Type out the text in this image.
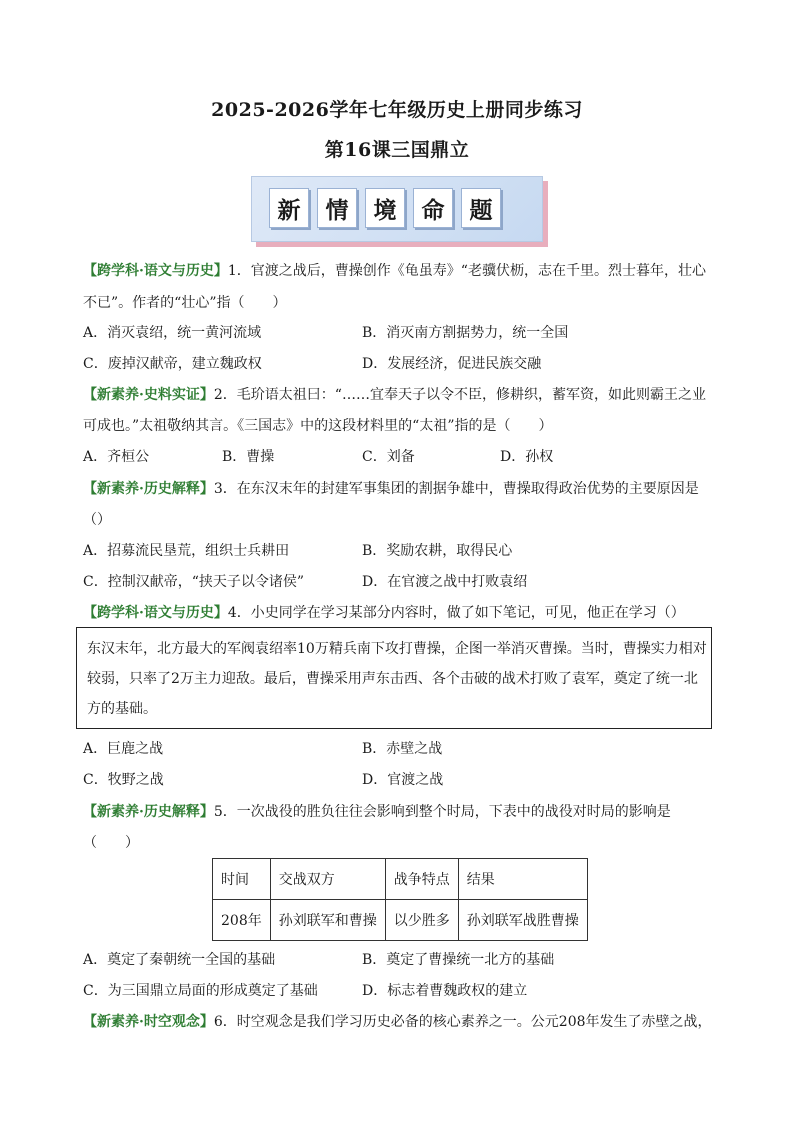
2025-2026学年七年级历史上册同步练习
第16课三国鼎立
新	情	境	命	题
【跨学科·语文与历史】1．官渡之战后，曹操创作《龟虽寿》“老骥伏枥，志在千里。烈士暮年，壮心
不已”。作者的“壮心”指（　　）
A．消灭袁绍，统一黄河流域	B．消灭南方割据势力，统一全国
C．废掉汉献帝，建立魏政权	D．发展经济，促进民族交融
【新素养·史料实证】2．毛玠语太祖曰：“……宜奉天子以令不臣，修耕织，蓄军资，如此则霸王之业
可成也。”太祖敬纳其言。《三国志》中的这段材料里的“太祖”指的是（　　）
A．齐桓公	B．曹操	C．刘备	D．孙权
【新素养·历史解释】3．在东汉末年的封建军事集团的割据争雄中，曹操取得政治优势的主要原因是
（）
A．招募流民垦荒，组织士兵耕田	B．奖励农耕，取得民心
C．控制汉献帝，“挟天子以令诸侯”	D．在官渡之战中打败袁绍
【跨学科·语文与历史】4．小史同学在学习某部分内容时，做了如下笔记，可见，他正在学习（）
东汉末年，北方最大的军阀袁绍率10万精兵南下攻打曹操，企图一举消灭曹操。当时，曹操实力相对
较弱，只率了2万主力迎敌。最后，曹操采用声东击西、各个击破的战术打败了袁军，奠定了统一北
方的基础。
A．巨鹿之战	B．赤壁之战
C．牧野之战	D．官渡之战
【新素养·历史解释】5．一次战役的胜负往往会影响到整个时局，下表中的战役对时局的影响是
（　　）
时间	交战双方	战争特点	结果
208年	孙刘联军和曹操	以少胜多	孙刘联军战胜曹操
A．奠定了秦朝统一全国的基础	B．奠定了曹操统一北方的基础
C．为三国鼎立局面的形成奠定了基础	D．标志着曹魏政权的建立
【新素养·时空观念】6．时空观念是我们学习历史必备的核心素养之一。公元208年发生了赤壁之战，
